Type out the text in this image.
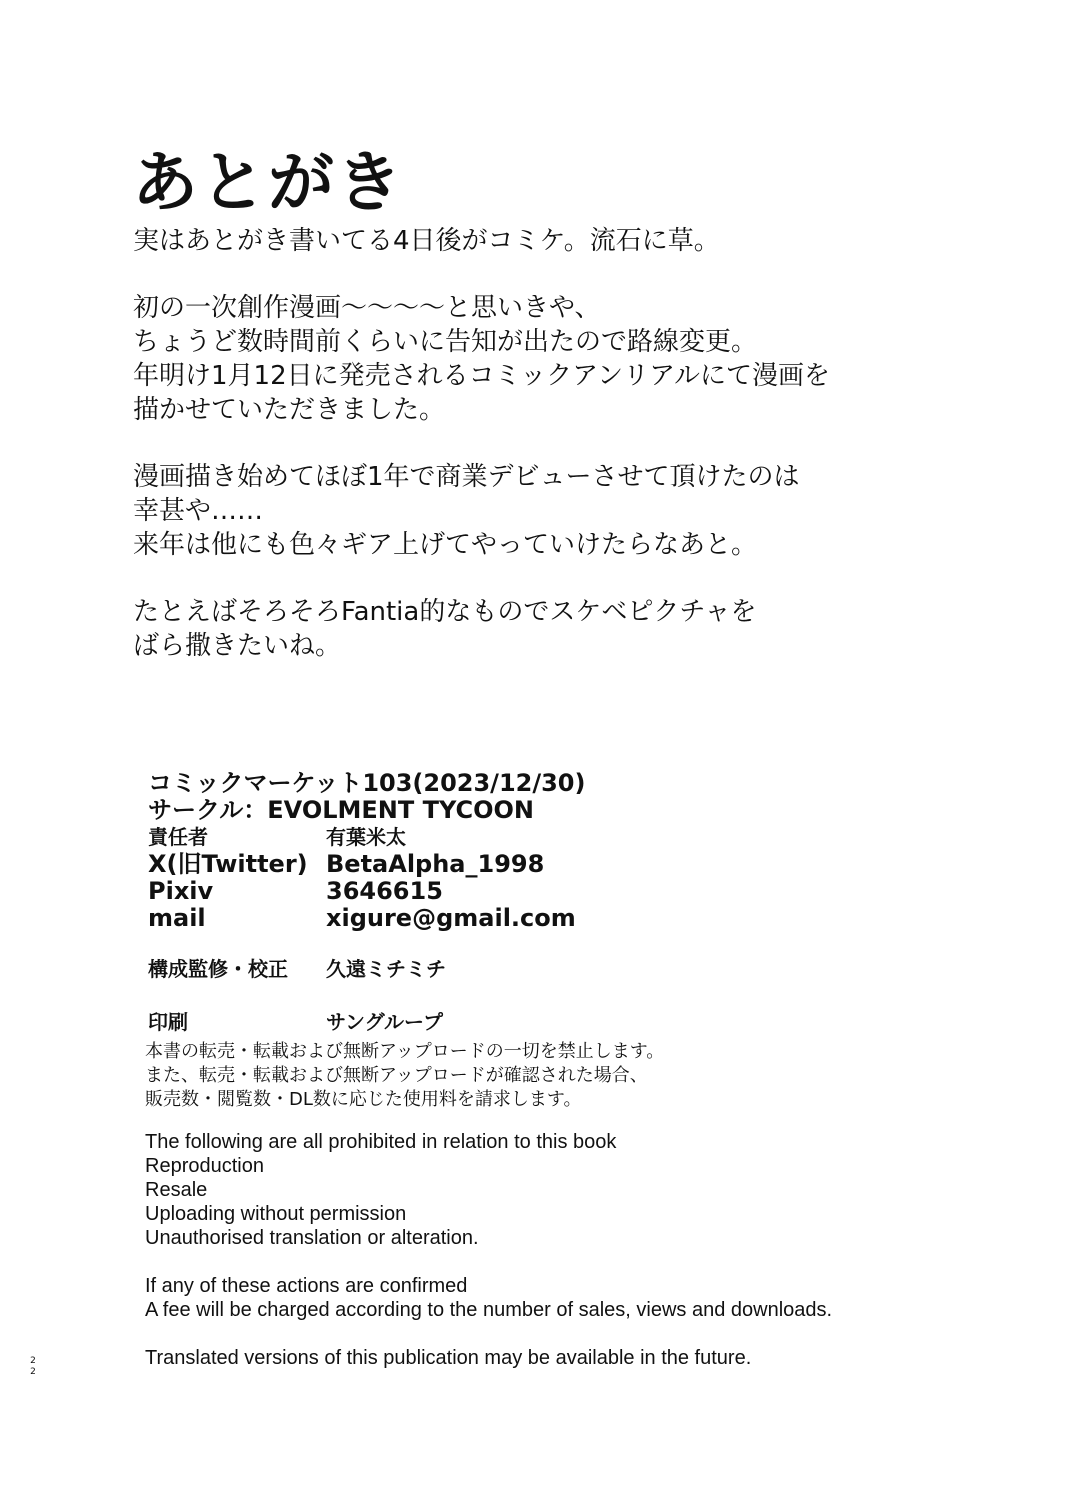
あとがき
実はあとがき書いてる4日後がコミケ。流石に草。
初の一次創作漫画～～～～と思いきや、
ちょうど数時間前くらいに告知が出たので路線変更。
年明け1月12日に発売されるコミックアンリアルにて漫画を
描かせていただきました。
漫画描き始めてほぼ1年で商業デビューさせて頂けたのは
幸甚や……
来年は他にも色々ギア上げてやっていけたらなあと。
たとえばそろそろFantia的なものでスケベピクチャを
ばら撒きたいね。
コミックマーケット103(2023/12/30)
サークル：EVOLMENT TYCOON
責任者	有葉米太
X(旧Twitter) BetaAlpha_1998
Pixiv	3646615
mail	xigure@gmail.com
構成監修・校正	久遠ミチミチ
印刷	サングループ
本書の転売・転載および無断アップロードの一切を禁止します。
また、転売・転載および無断アップロードが確認された場合、
販売数・閲覧数・DL数に応じた使用料を請求します。
The following are all prohibited in relation to this book
Reproduction
Resale
Uploading without permission
Unauthorised translation or alteration.
If any of these actions are confirmed
A fee will be charged according to the number of sales, views and downloads.
Translated versions of this publication may be available in the future.
2
2
